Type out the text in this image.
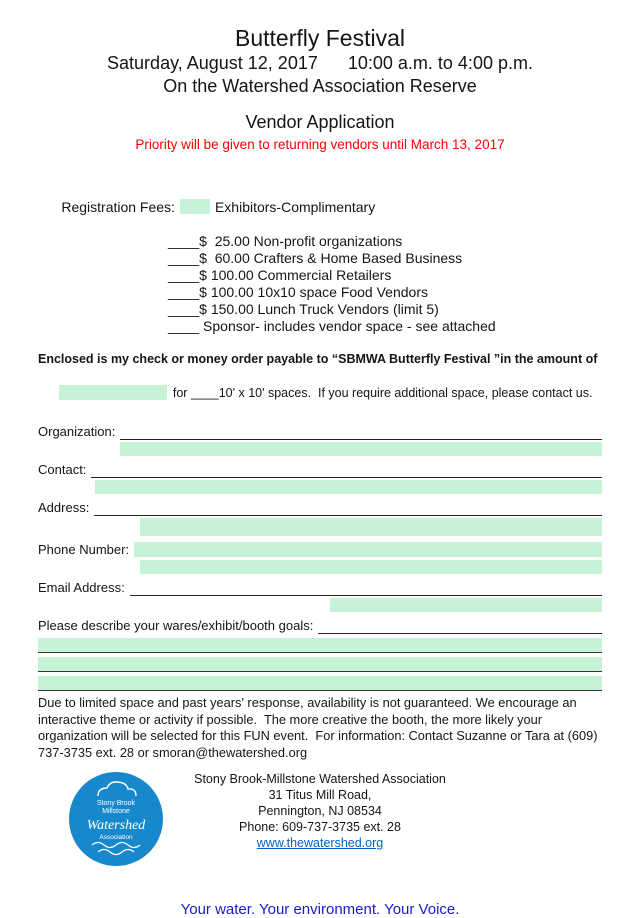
Butterfly Festival
Saturday, August 12, 2017      10:00 a.m. to 4:00 p.m.
On the Watershed Association Reserve
Vendor Application
Priority will be given to returning vendors until March 13, 2017

Registration Fees:	Exhibitors-Complimentary

____$  25.00 Non-profit organizations
____$  60.00 Crafters & Home Based Business
____$ 100.00 Commercial Retailers
____$ 100.00 10x10 space Food Vendors
____$ 150.00 Lunch Truck Vendors (limit 5)
____ Sponsor- includes vendor space - see attached
Enclosed is my check or money order payable to “SBMWA Butterfly Festival ”in the amount of

for ____10' x 10' spaces.  If you require additional space, please contact us.

Organization:
Contact:
Address:
Phone Number:
Email Address:
Please describe your wares/exhibit/booth goals:
Due to limited space and past years' response, availability is not guaranteed. We encourage an interactive theme or activity if possible.  The more creative the booth, the more likely your organization will be selected for this FUN event.  For information: Contact Suzanne or Tara at (609) 737-3735 ext. 28 or smoran@thewatershed.org
Stony Brook
Millstone
Watershed
Association
Stony Brook-Millstone Watershed Association
31 Titus Mill Road,
Pennington, NJ 08534
Phone: 609-737-3735 ext. 28
www.thewatershed.org
Your water. Your environment. Your Voice.
